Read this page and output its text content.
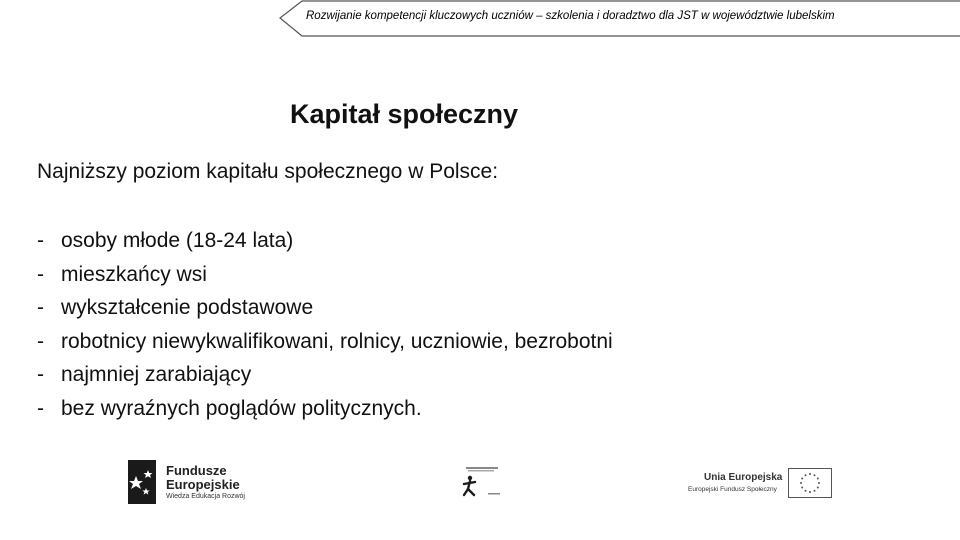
Rozwijanie kompetencji kluczowych uczniów – szkolenia i doradztwo dla JST w województwie lubelskim
Kapitał społeczny
Najniższy poziom kapitału społecznego w Polsce:
- osoby młode (18-24 lata)
- mieszkańcy wsi
- wykształcenie podstawowe
- robotnicy niewykwalifikowani, rolnicy, uczniowie, bezrobotni
- najmniej zarabiający
- bez wyraźnych poglądów politycznych.
Fundusze
Europejskie
Wiedza Edukacja Rozwój
Unia Europejska
Europejski Fundusz Społeczny
